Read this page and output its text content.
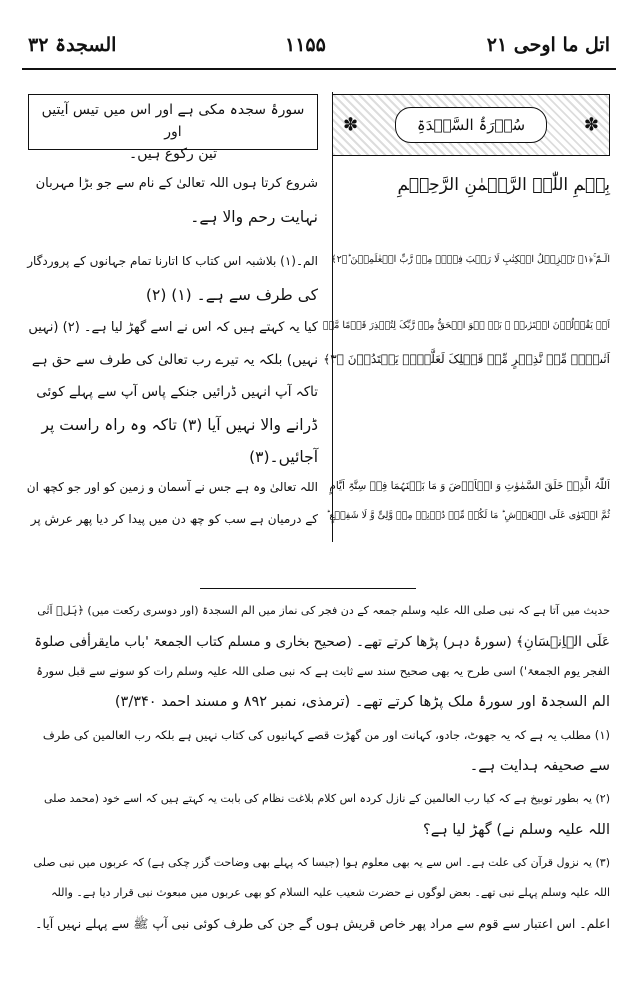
السجدۃ ۳۲	۱۱۵۵	اتل ما اوحی ۲۱
✽	سُوۡرَۃُ السَّجۡدَۃِ	✽
سورۂ سجدہ مکی ہے اور اس میں تیس آیتیں اور
تین رکوع ہیں۔
بِسۡمِ اللّٰہِ الرَّحۡمٰنِ الرَّحِیۡمِ
الٓـمّٓ ۚ﴿۱﴾ تَنۡزِیۡلُ الۡکِتٰبِ لَا رَیۡبَ فِیۡہِ مِنۡ رَّبِّ الۡعٰلَمِیۡنَ ؕ﴿۲﴾
اَمۡ یَقُوۡلُوۡنَ افۡتَرٰىہُ ۚ بَلۡ ہُوَ الۡحَقُّ مِنۡ رَّبِّکَ لِتُنۡذِرَ قَوۡمًا مَّاۤ
اَتٰىہُمۡ مِّنۡ نَّذِیۡرٍ مِّنۡ قَبۡلِکَ لَعَلَّہُمۡ یَہۡتَدُوۡنَ ﴿۳﴾
اَللّٰہُ الَّذِیۡ خَلَقَ السَّمٰوٰتِ وَ الۡاَرۡضَ وَ مَا بَیۡنَہُمَا فِیۡ سِتَّۃِ اَیَّامٍ
ثُمَّ اسۡتَوٰی عَلَی الۡعَرۡشِ ؕ مَا لَکُمۡ مِّنۡ دُوۡنِہٖ مِنۡ وَّلِیٍّ وَّ لَا شَفِیۡعٍ ؕ
شروع کرتا ہوں اللہ تعالیٰ کے نام سے جو بڑا مہربان
نہایت رحم والا ہے۔
الم۔(۱) بلاشبہ اس کتاب کا اتارنا تمام جہانوں کے پروردگار
کی طرف سے ہے۔ (۱) (۲)
کیا یہ کہتے ہیں کہ اس نے اسے گھڑ لیا ہے۔ (۲) (نہیں
نہیں) بلکہ یہ تیرے رب تعالیٰ کی طرف سے حق ہے
تاکہ آپ انہیں ڈرائیں جنکے پاس آپ سے پہلے کوئی
ڈرانے والا نہیں آیا (۳) تاکہ وہ راہ راست پر
آجائیں۔(۳)
اللہ تعالیٰ وہ ہے جس نے آسمان و زمین کو اور جو کچھ ان
کے درمیان ہے سب کو چھ دن میں پیدا کر دیا پھر عرش پر
حدیث میں آتا ہے کہ نبی صلی اللہ علیہ وسلم جمعہ کے دن فجر کی نماز میں الم السجدۃ (اور دوسری رکعت میں) ﴿ہَلۡ اَتٰی
عَلَی الۡاِنۡسَانِ﴾ (سورۂ دہر) پڑھا کرتے تھے۔ (صحیح بخاری و مسلم کتاب الجمعۃ 'باب مایقرأفی صلوۃ
الفجر یوم الجمعۃ') اسی طرح یہ بھی صحیح سند سے ثابت ہے کہ نبی صلی اللہ علیہ وسلم رات کو سونے سے قبل سورۂ
الم السجدۃ اور سورۂ ملک پڑھا کرتے تھے۔ (ترمذی، نمبر ۸۹۲ و مسند احمد ۳/۳۴۰)
(۱) مطلب یہ ہے کہ یہ جھوٹ، جادو، کہانت اور من گھڑت قصے کہانیوں کی کتاب نہیں ہے بلکہ رب العالمین کی طرف
سے صحیفہ ہدایت ہے۔
(۲) یہ بطور توبیخ ہے کہ کیا رب العالمین کے نازل کردہ اس کلام بلاغت نظام کی بابت یہ کہتے ہیں کہ اسے خود (محمد صلی
اللہ علیہ وسلم نے) گھڑ لیا ہے؟
(۳) یہ نزول قرآن کی علت ہے۔ اس سے یہ بھی معلوم ہوا (جیسا کہ پہلے بھی وضاحت گزر چکی ہے) کہ عربوں میں نبی صلی
اللہ علیہ وسلم پہلے نبی تھے۔ بعض لوگوں نے حضرت شعیب علیہ السلام کو بھی عربوں میں مبعوث نبی قرار دیا ہے۔ واللہ
اعلم۔ اس اعتبار سے قوم سے مراد پھر خاص قریش ہوں گے جن کی طرف کوئی نبی آپ ﷺ سے پہلے نہیں آیا۔
